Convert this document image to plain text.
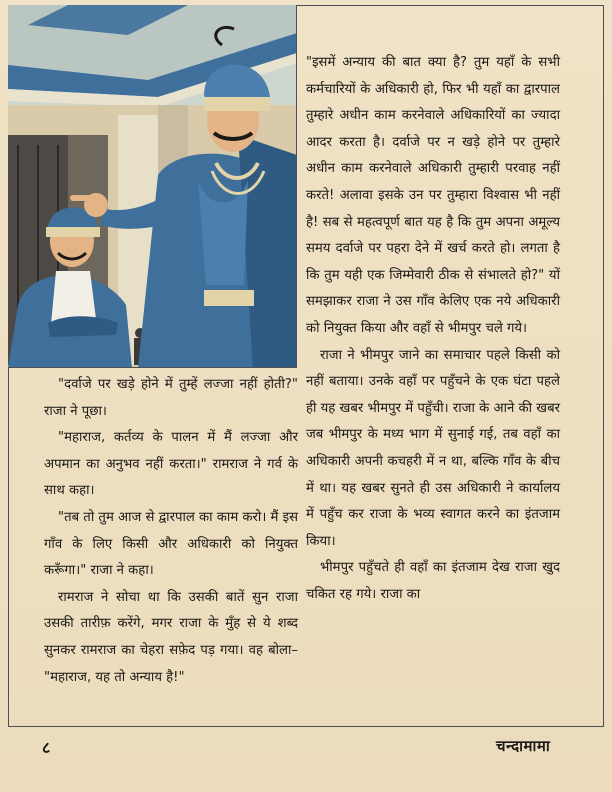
"इसमें अन्याय की बात क्या है? तुम यहाँ के सभी कर्मचारियों के अधिकारी हो, फिर भी यहाँ का द्वारपाल तुम्हारे अधीन काम करनेवाले अधिकारियों का ज्यादा आदर करता है। दर्वाजे पर न खड़े होने पर तुम्हारे अधीन काम करनेवाले अधिकारी तुम्हारी परवाह नहीं करते! अलावा इसके उन पर तुम्हारा विश्वास भी नहीं है! सब से महत्वपूर्ण बात यह है कि तुम अपना अमूल्य समय दर्वाजे पर पहरा देने में खर्च करते हो। लगता है कि तुम यही एक जिम्मेवारी ठीक से संभालते हो?" यों समझाकर राजा ने उस गाँव केलिए एक नये अधिकारी को नियुक्त किया और वहाँ से भीमपुर चले गये।

राजा ने भीमपुर जाने का समाचार पहले किसी को नहीं बताया। उनके वहाँ पर पहुँचने के एक घंटा पहले ही यह खबर भीमपुर में पहुँची। राजा के आने की खबर जब भीमपुर के मध्य भाग में सुनाई गई, तब वहाँ का अधिकारी अपनी कचहरी में न था, बल्कि गाँव के बीच में था। यह खबर सुनते ही उस अधिकारी ने कार्यालय में पहुँच कर राजा के भव्य स्वागत करने का इंतजाम किया।

भीमपुर पहुँचते ही वहाँ का इंतजाम देख राजा खुद चकित रह गये। राजा का

"दर्वाजे पर खड़े होने में तुम्हें लज्जा नहीं होती?" राजा ने पूछा।

"महाराज, कर्तव्य के पालन में मैं लज्जा और अपमान का अनुभव नहीं करता।" रामराज ने गर्व के साथ कहा।

"तब तो तुम आज से द्वारपाल का काम करो। मैं इस गाँव के लिए किसी और अधिकारी को नियुक्त करूँगा।" राजा ने कहा।

रामराज ने सोचा था कि उसकी बातें सुन राजा उसकी तारीफ़ करेंगे, मगर राजा के मुँह से ये शब्द सुनकर रामराज का चेहरा सफ़ेद पड़ गया। वह बोला– "महाराज, यह तो अन्याय है!"

८	चन्दामामा
